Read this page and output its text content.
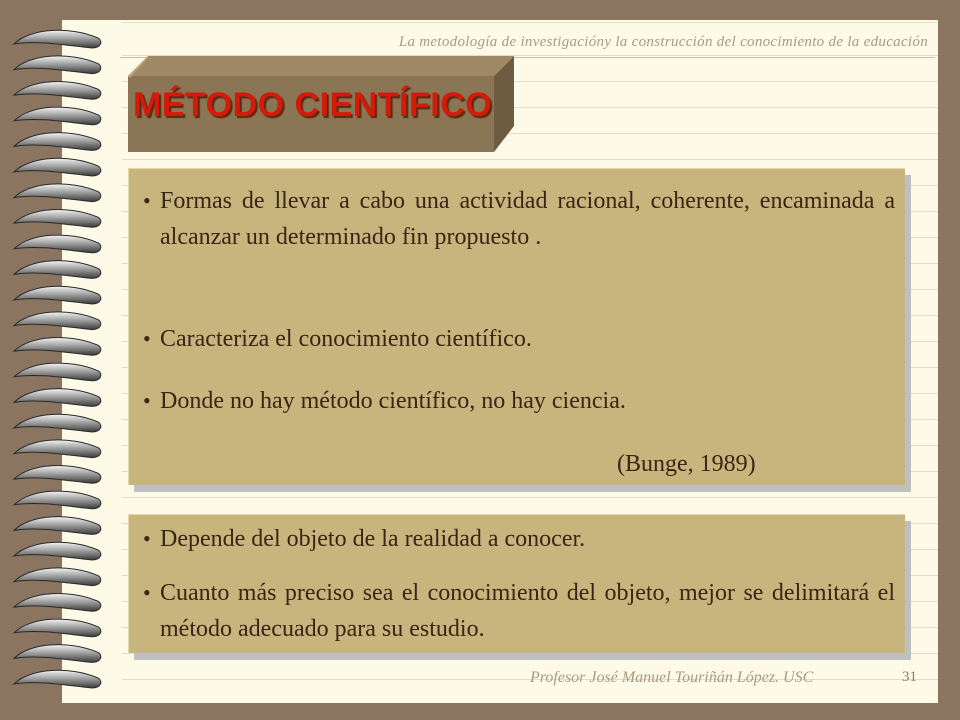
La metodología de investigacióny la construcción del conocimiento de la educación
MÉTODO CIENTÍFICO
• Formas de llevar a cabo una actividad racional, coherente, encaminada a alcanzar un determinado fin propuesto .
• Caracteriza el conocimiento científico.
• Donde no hay método científico, no hay ciencia.
(Bunge, 1989)
• Depende del objeto de la realidad a conocer.
• Cuanto más preciso sea el conocimiento del objeto, mejor se delimitará el método adecuado para su estudio.
Profesor José Manuel Touriñán López. USC	31
